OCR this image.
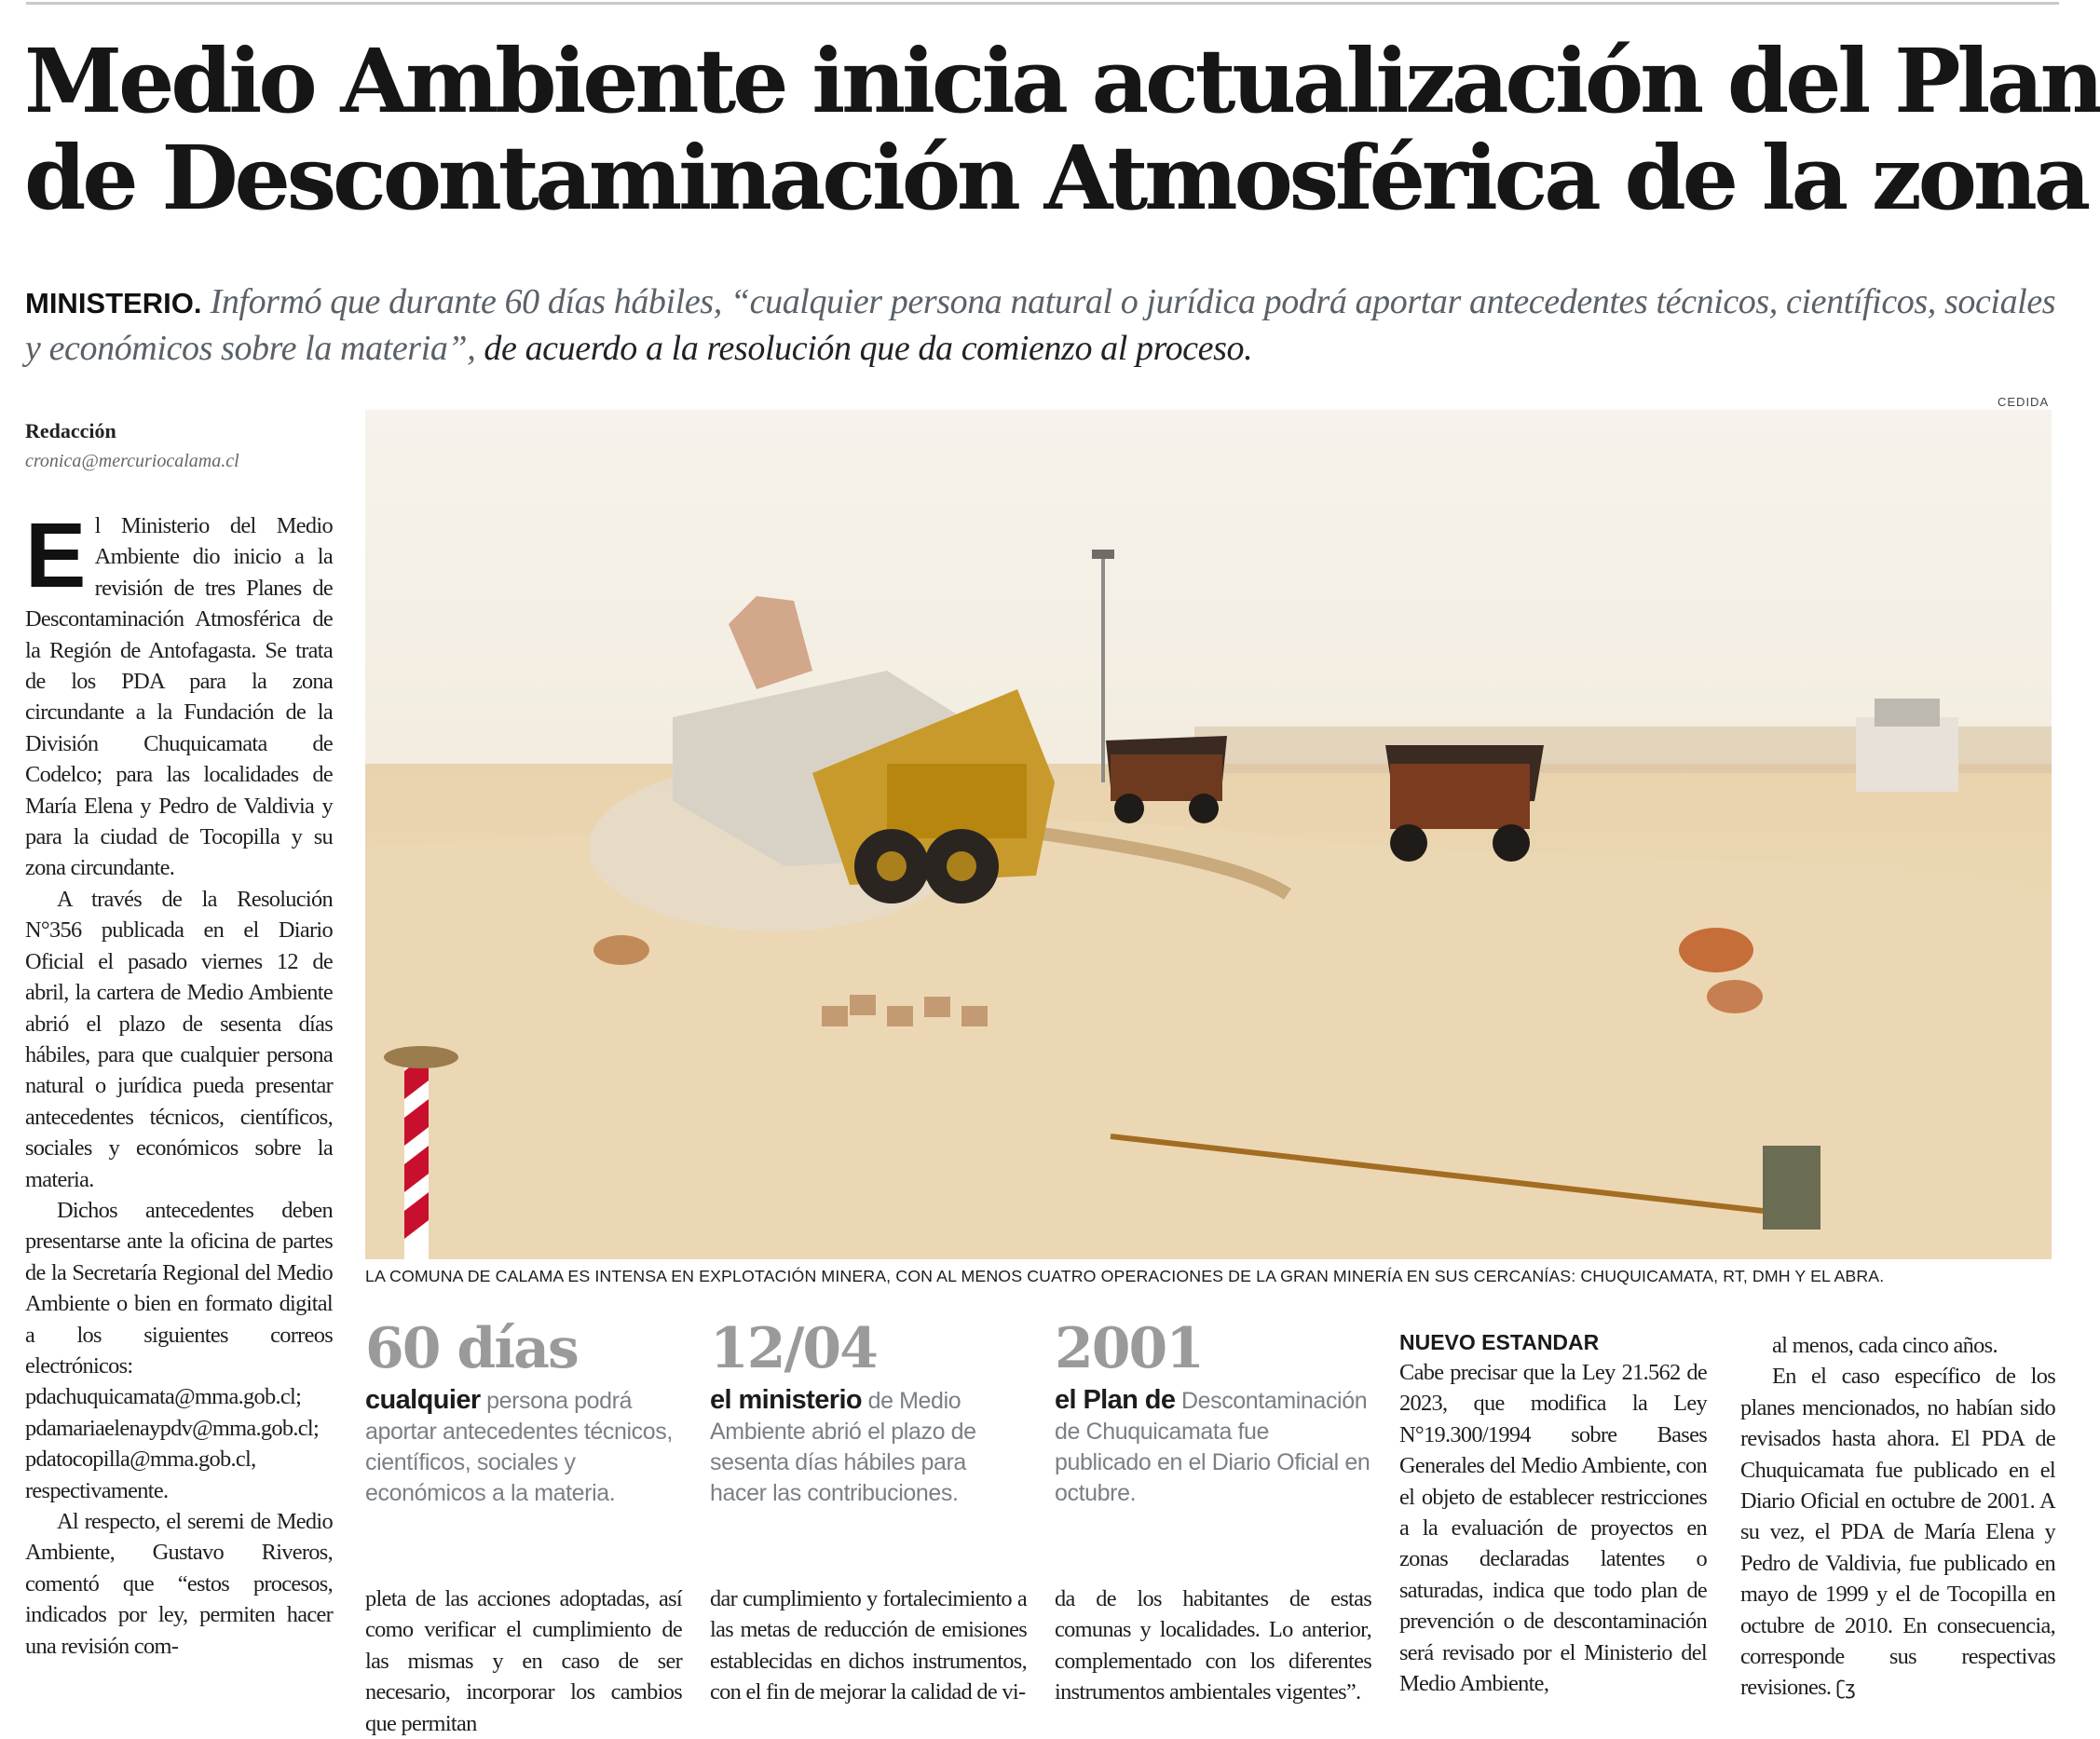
Medio Ambiente inicia actualización del Plan
de Descontaminación Atmosférica de la zona
MINISTERIO. Informó que durante 60 días hábiles, “cualquier persona natural o jurídica podrá aportar antecedentes técnicos, científicos, sociales y económicos sobre la materia”, de acuerdo a la resolución que da comienzo al proceso.
Redacción
cronica@mercuriocalama.cl

El Ministerio del Medio Ambiente dio inicio a la revisión de tres Planes de Descontaminación Atmosférica de la Región de Antofagasta. Se trata de los PDA para la zona circundante a la Fundación de la División Chuquicamata de Codelco; para las localidades de María Elena y Pedro de Valdivia y para la ciudad de Tocopilla y su zona circundante.

A través de la Resolución N°356 publicada en el Diario Oficial el pasado viernes 12 de abril, la cartera de Medio Ambiente abrió el plazo de sesenta días hábiles, para que cualquier persona natural o jurídica pueda presentar antecedentes técnicos, científicos, sociales y económicos sobre la materia.

Dichos antecedentes deben presentarse ante la oficina de partes de la Secretaría Regional del Medio Ambiente o bien en formato digital a los siguientes correos electrónicos: pdachuquicamata@mma.gob.cl; pdamariaelenaypdv@mma.gob.cl; pdatocopilla@mma.gob.cl, respectivamente.

Al respecto, el seremi de Medio Ambiente, Gustavo Riveros, comentó que “estos procesos, indicados por ley, permiten hacer una revisión com-

CEDIDA
LA COMUNA DE CALAMA ES INTENSA EN EXPLOTACIÓN MINERA, CON AL MENOS CUATRO OPERACIONES DE LA GRAN MINERÍA EN SUS CERCANÍAS: CHUQUICAMATA, RT, DMH Y EL ABRA.
60 días
cualquier persona podrá aportar antecedentes técnicos, científicos, sociales y económicos a la materia.
12/04
el ministerio de Medio Ambiente abrió el plazo de sesenta días hábiles para hacer las contribuciones.
2001
el Plan de Descontaminación de Chuquicamata fue publicado en el Diario Oficial en octubre.

pleta de las acciones adoptadas, así como verificar el cumplimiento de las mismas y en caso de ser necesario, incorporar los cambios que permitan

dar cumplimiento y fortalecimiento a las metas de reducción de emisiones establecidas en dichos instrumentos, con el fin de mejorar la calidad de vi-

da de los habitantes de estas comunas y localidades. Lo anterior, complementado con los diferentes instrumentos ambientales vigentes”.

NUEVO ESTANDAR

Cabe precisar que la Ley 21.562 de 2023, que modifica la Ley N°19.300/1994 sobre Bases Generales del Medio Ambiente, con el objeto de establecer restricciones a la evaluación de proyectos en zonas declaradas latentes o saturadas, indica que todo plan de prevención o de descontaminación será revisado por el Ministerio del Medio Ambiente,

al menos, cada cinco años.

En el caso específico de los planes mencionados, no habían sido revisados hasta ahora. El PDA de Chuquicamata fue publicado en el Diario Oficial en octubre de 2001. A su vez, el PDA de María Elena y Pedro de Valdivia, fue publicado en mayo de 1999 y el de Tocopilla en octubre de 2010. En consecuencia, corresponde sus respectivas revisiones. ʗʒ
